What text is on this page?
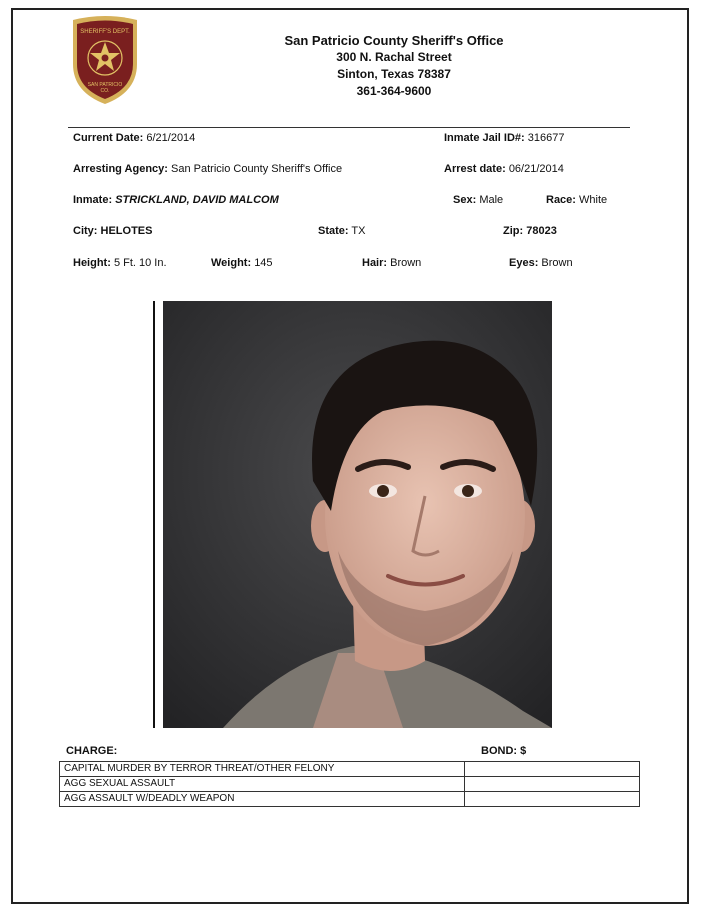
SHERIFF'S DEPT.
SAN PATRICIO
CO.
San Patricio County Sheriff's Office
300 N. Rachal Street
Sinton, Texas 78387
361-364-9600
Current Date: 6/21/2014	Inmate Jail ID#: 316677
Arresting Agency: San Patricio County Sheriff's Office	Arrest date: 06/21/2014
Inmate: STRICKLAND, DAVID MALCOM	Sex: Male	Race: White
City: HELOTES	State: TX	Zip: 78023
Height: 5 Ft. 10 In.	Weight: 145	Hair: Brown	Eyes: Brown
CHARGE:	BOND: $
CAPITAL MURDER BY TERROR THREAT/OTHER FELONY	
AGG SEXUAL ASSAULT	
AGG ASSAULT W/DEADLY WEAPON	
